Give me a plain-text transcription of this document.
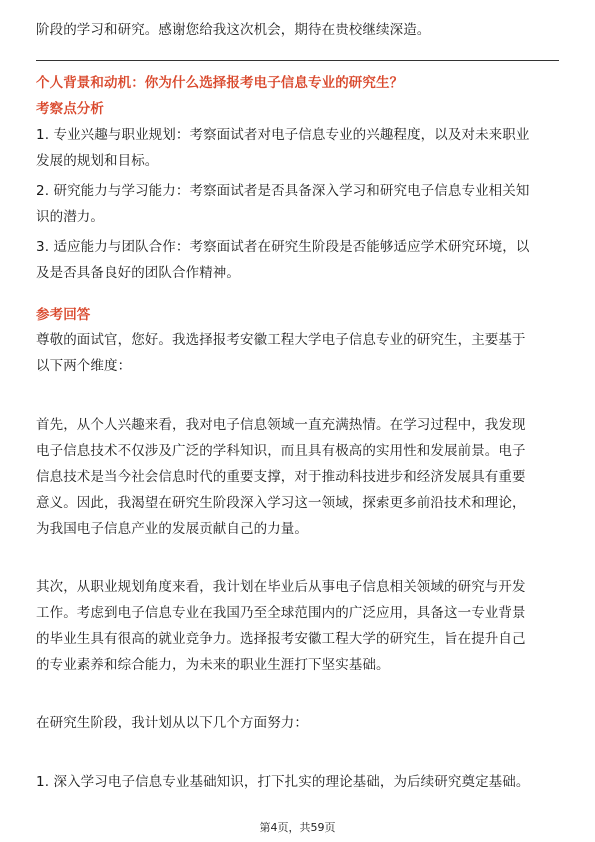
阶段的学习和研究。感谢您给我这次机会，期待在贵校继续深造。
个人背景和动机：你为什么选择报考电子信息专业的研究生？
考察点分析
1. 专业兴趣与职业规划：考察面试者对电子信息专业的兴趣程度，以及对未来职业
发展的规划和目标。
2. 研究能力与学习能力：考察面试者是否具备深入学习和研究电子信息专业相关知
识的潜力。
3. 适应能力与团队合作：考察面试者在研究生阶段是否能够适应学术研究环境，以
及是否具备良好的团队合作精神。
参考回答
尊敬的面试官，您好。我选择报考安徽工程大学电子信息专业的研究生，主要基于
以下两个维度：
首先，从个人兴趣来看，我对电子信息领域一直充满热情。在学习过程中，我发现
电子信息技术不仅涉及广泛的学科知识，而且具有极高的实用性和发展前景。电子
信息技术是当今社会信息时代的重要支撑，对于推动科技进步和经济发展具有重要
意义。因此，我渴望在研究生阶段深入学习这一领域，探索更多前沿技术和理论，
为我国电子信息产业的发展贡献自己的力量。
其次，从职业规划角度来看，我计划在毕业后从事电子信息相关领域的研究与开发
工作。考虑到电子信息专业在我国乃至全球范围内的广泛应用，具备这一专业背景
的毕业生具有很高的就业竞争力。选择报考安徽工程大学的研究生，旨在提升自己
的专业素养和综合能力，为未来的职业生涯打下坚实基础。
在研究生阶段，我计划从以下几个方面努力：
1. 深入学习电子信息专业基础知识，打下扎实的理论基础，为后续研究奠定基础。
第4页，共59页
